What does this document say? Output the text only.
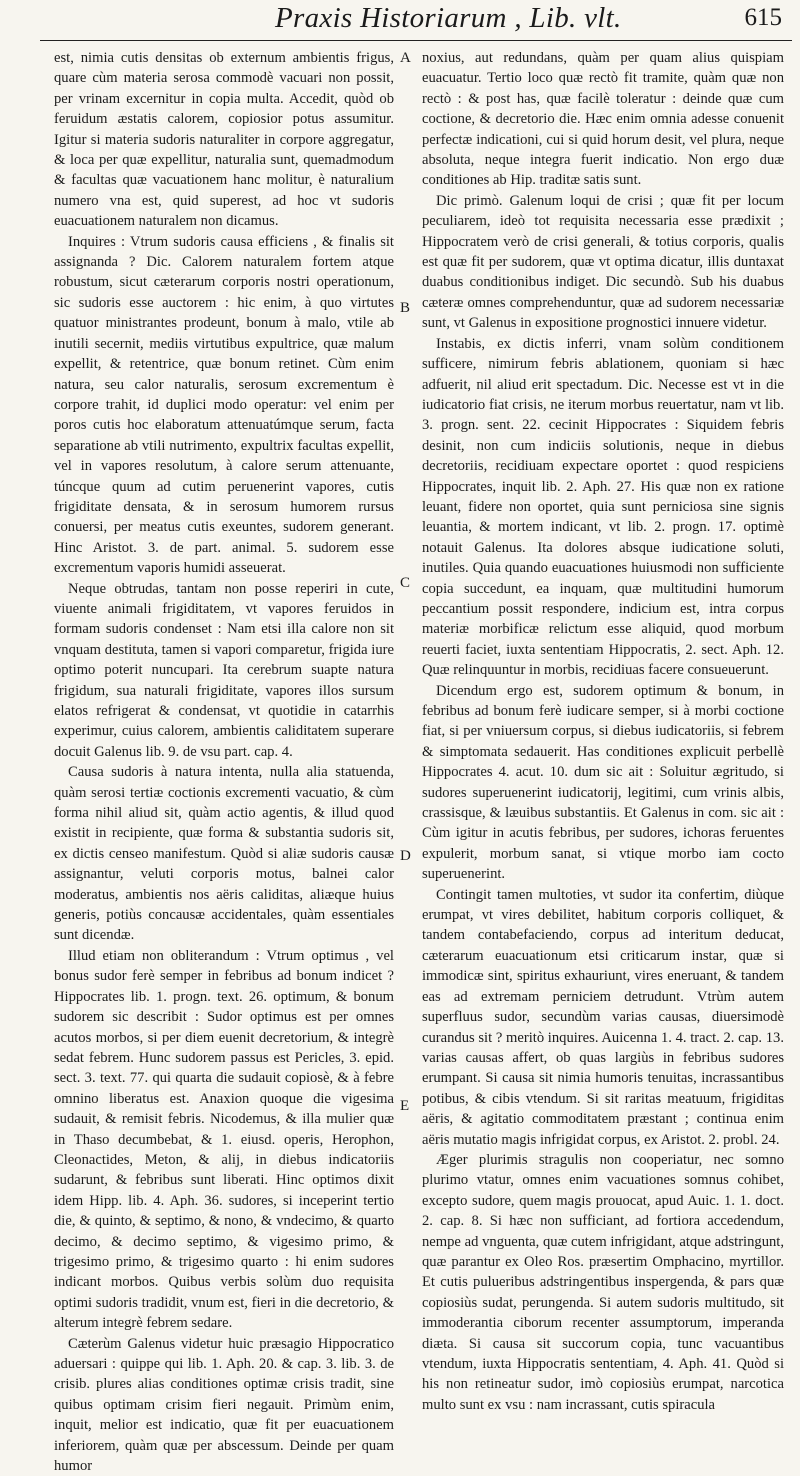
Praxis Historiarum , Lib. vlt.	615

est, nimia cutis densitas ob externum ambientis frigus, quare cùm materia serosa commodè vacuari non possit, per vrinam excernitur in copia multa. Accedit, quòd ob feruidum æstatis calorem, copiosior potus assumitur. Igitur si materia sudoris naturaliter in corpore aggregatur, & loca per quæ expellitur, naturalia sunt, quemadmodum & facultas quæ vacuationem hanc molitur, è naturalium numero vna est, quid superest, ad hoc vt sudoris euacuationem naturalem non dicamus.

Inquires : Vtrum sudoris causa efficiens , & finalis sit assignanda ? Dic. Calorem naturalem fortem atque robustum, sicut cæterarum corporis nostri operationum, sic sudoris esse auctorem : hic enim, à quo virtutes quatuor ministrantes prodeunt, bonum à malo, vtile ab inutili secernit, mediis virtutibus expultrice, quæ malum expellit, & retentrice, quæ bonum retinet. Cùm enim natura, seu calor naturalis, serosum excrementum è corpore trahit, id duplici modo operatur: vel enim per poros cutis hoc elaboratum attenuatúmque serum, facta separatione ab vtili nutrimento, expultrix facultas expellit, vel in vapores resolutum, à calore serum attenuante, túncque quum ad cutim peruenerint vapores, cutis frigiditate densata, & in serosum humorem rursus conuersi, per meatus cutis exeuntes, sudorem generant. Hinc Aristot. 3. de part. animal. 5. sudorem esse excrementum vaporis humidi asseuerat.

Neque obtrudas, tantam non posse reperiri in cute, viuente animali frigiditatem, vt vapores feruidos in formam sudoris condenset : Nam etsi illa calore non sit vnquam destituta, tamen si vapori comparetur, frigida iure optimo poterit nuncupari. Ita cerebrum suapte natura frigidum, sua naturali frigiditate, vapores illos sursum elatos refrigerat & condensat, vt quotidie in catarrhis experimur, cuius calorem, ambientis caliditatem superare docuit Galenus lib. 9. de vsu part. cap. 4.

Causa sudoris à natura intenta, nulla alia statuenda, quàm serosi tertiæ coctionis excrementi vacuatio, & cùm forma nihil aliud sit, quàm actio agentis, & illud quod existit in recipiente, quæ forma & substantia sudoris sit, ex dictis censeo manifestum. Quòd si aliæ sudoris causæ assignantur, veluti corporis motus, balnei calor moderatus, ambientis nos aëris caliditas, aliæque huius generis, potiùs concausæ accidentales, quàm essentiales sunt dicendæ.

Illud etiam non obliterandum : Vtrum optimus , vel bonus sudor ferè semper in febribus ad bonum indicet ? Hippocrates lib. 1. progn. text. 26. optimum, & bonum sudorem sic describit : Sudor optimus est per omnes acutos morbos, si per diem euenit decretorium, & integrè sedat febrem. Hunc sudorem passus est Pericles, 3. epid. sect. 3. text. 77. qui quarta die sudauit copiosè, & à febre omnino liberatus est. Anaxion quoque die vigesima sudauit, & remisit febris. Nicodemus, & illa mulier quæ in Thaso decumbebat, & 1. eiusd. operis, Herophon, Cleonactides, Meton, & alij, in diebus indicatoriis sudarunt, & febribus sunt liberati. Hinc optimos dixit idem Hipp. lib. 4. Aph. 36. sudores, si inceperint tertio die, & quinto, & septimo, & nono, & vndecimo, & quarto decimo, & decimo septimo, & vigesimo primo, & trigesimo primo, & trigesimo quarto : hi enim sudores indicant morbos. Quibus verbis solùm duo requisita optimi sudoris tradidit, vnum est, fieri in die decretorio, & alterum integrè febrem sedare.

Cæterùm Galenus videtur huic præsagio Hippocratico aduersari : quippe qui lib. 1. Aph. 20. & cap. 3. lib. 3. de crisib. plures alias conditiones optimæ crisis tradit, sine quibus optimam crisim fieri negauit. Primùm enim, inquit, melior est indicatio, quæ fit per euacuationem inferiorem, quàm quæ per abscessum. Deinde per quam humor

A
B
C
D
E

noxius, aut redundans, quàm per quam alius quispiam euacuatur. Tertio loco quæ rectò fit tramite, quàm quæ non rectò : & post has, quæ facilè toleratur : deinde quæ cum coctione, & decretorio die. Hæc enim omnia adesse conuenit perfectæ indicationi, cui si quid horum desit, vel plura, neque absoluta, neque integra fuerit indicatio. Non ergo duæ conditiones ab Hip. traditæ satis sunt.

Dic primò. Galenum loqui de crisi ; quæ fit per locum peculiarem, ideò tot requisita necessaria esse prædixit ; Hippocratem verò de crisi generali, & totius corporis, qualis est quæ fit per sudorem, quæ vt optima dicatur, illis duntaxat duabus conditionibus indiget. Dic secundò. Sub his duabus cæteræ omnes comprehenduntur, quæ ad sudorem necessariæ sunt, vt Galenus in expositione prognostici innuere videtur.

Instabis, ex dictis inferri, vnam solùm conditionem sufficere, nimirum febris ablationem, quoniam si hæc adfuerit, nil aliud erit spectadum. Dic. Necesse est vt in die iudicatorio fiat crisis, ne iterum morbus reuertatur, nam vt lib. 3. progn. sent. 22. cecinit Hippocrates : Siquidem febris desinit, non cum indiciis solutionis, neque in diebus decretoriis, recidiuam expectare oportet : quod respiciens Hippocrates, inquit lib. 2. Aph. 27. His quæ non ex ratione leuant, fidere non oportet, quia sunt perniciosa sine signis leuantia, & mortem indicant, vt lib. 2. progn. 17. optimè notauit Galenus. Ita dolores absque iudicatione soluti, inutiles. Quia quando euacuationes huiusmodi non sufficiente copia succedunt, ea inquam, quæ multitudini humorum peccantium possit respondere, indicium est, intra corpus materiæ morbificæ relictum esse aliquid, quod morbum reuerti faciet, iuxta sententiam Hippocratis, 2. sect. Aph. 12. Quæ relinquuntur in morbis, recidiuas facere consueuerunt.

Dicendum ergo est, sudorem optimum & bonum, in febribus ad bonum ferè iudicare semper, si à morbi coctione fiat, si per vniuersum corpus, si diebus iudicatoriis, si febrem & simptomata sedauerit. Has conditiones explicuit perbellè Hippocrates 4. acut. 10. dum sic ait : Soluitur ægritudo, si sudores superuenerint iudicatorij, legitimi, cum vrinis albis, crassisque, & læuibus substantiis. Et Galenus in com. sic ait : Cùm igitur in acutis febribus, per sudores, ichoras feruentes expulerit, morbum sanat, si vtique morbo iam cocto superuenerint.

Contingit tamen multoties, vt sudor ita confertim, diùque erumpat, vt vires debilitet, habitum corporis colliquet, & tandem contabefaciendo, corpus ad interitum deducat, cæterarum euacuationum etsi criticarum instar, quæ si immodicæ sint, spiritus exhauriunt, vires eneruant, & tandem eas ad extremam perniciem detrudunt. Vtrùm autem superfluus sudor, secundùm varias causas, diuersimodè curandus sit ? meritò inquires. Auicenna 1. 4. tract. 2. cap. 13. varias causas affert, ob quas largiùs in febribus sudores erumpant. Si causa sit nimia humoris tenuitas, incrassantibus potibus, & cibis vtendum. Si sit raritas meatuum, frigiditas aëris, & agitatio commoditatem præstant ; continua enim aëris mutatio magis infrigidat corpus, ex Aristot. 2. probl. 24.

Æger plurimis stragulis non cooperiatur, nec somno plurimo vtatur, omnes enim vacuationes somnus cohibet, excepto sudore, quem magis prouocat, apud Auic. 1. 1. doct. 2. cap. 8. Si hæc non sufficiant, ad fortiora accedendum, nempe ad vnguenta, quæ cutem infrigidant, atque adstringunt, quæ parantur ex Oleo Ros. præsertim Omphacino, myrtillor. Et cutis pulueribus adstringentibus inspergenda, & pars quæ copiosiùs sudat, perungenda. Si autem sudoris multitudo, sit immoderantia ciborum recenter assumptorum, imperanda diæta. Si causa sit succorum copia, tunc vacuantibus vtendum, iuxta Hippocratis sententiam, 4. Aph. 41. Quòd si his non retineatur sudor, imò copiosiùs erumpat, narcotica multo sunt ex vsu : nam incrassant, cutis spiracula
